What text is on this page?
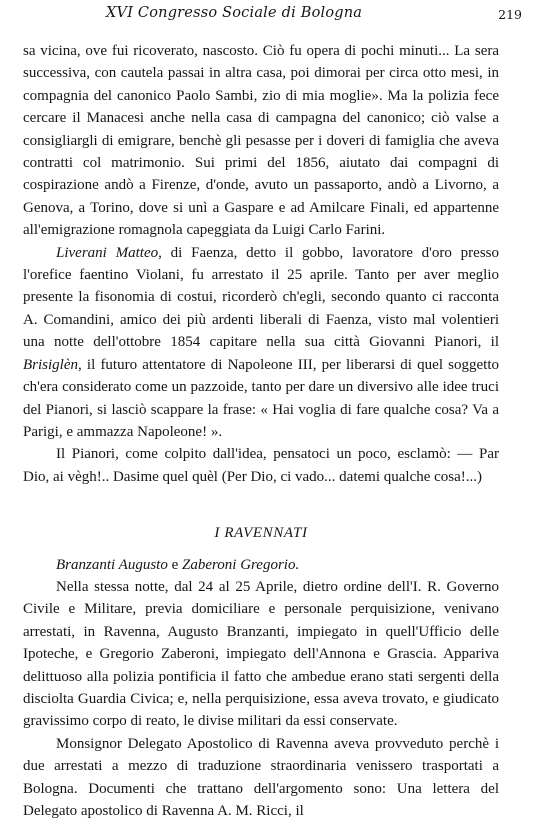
XVI Congresso Sociale di Bologna	219

sa vicina, ove fui ricoverato, nascosto. Ciò fu opera di pochi minuti... La sera successiva, con cautela passai in altra casa, poi dimorai per circa otto mesi, in compagnia del canonico Paolo Sambi, zio di mia moglie». Ma la polizia fece cercare il Manacesi anche nella casa di campagna del canonico; ciò valse a consigliargli di emigrare, benchè gli pesasse per i doveri di famiglia che aveva contratti col matrimonio. Sui primi del 1856, aiutato dai compagni di cospirazione andò a Firenze, d'onde, avuto un passaporto, andò a Livorno, a Genova, a Torino, dove si unì a Gaspare e ad Amilcare Finali, ed appartenne all'emigrazione romagnola capeggiata da Luigi Carlo Farini.

Liverani Matteo, di Faenza, detto il gobbo, lavoratore d'oro presso l'orefice faentino Violani, fu arrestato il 25 aprile. Tanto per aver meglio presente la fisonomia di costui, ricorderò ch'egli, secondo quanto ci racconta A. Comandini, amico dei più ardenti liberali di Faenza, visto mal volentieri una notte dell'ottobre 1854 capitare nella sua città Giovanni Pianori, il Brisiglèn, il futuro attentatore di Napoleone III, per liberarsi di quel soggetto ch'era considerato come un pazzoide, tanto per dare un diversivo alle idee truci del Pianori, si lasciò scappare la frase: « Hai voglia di fare qualche cosa? Va a Parigi, e ammazza Napoleone! ».

Il Pianori, come colpito dall'idea, pensatoci un poco, esclamò: — Par Dio, ai vègh!.. Dasime quel quèl (Per Dio, ci vado... datemi qualche cosa!...)

I RAVENNATI

Branzanti Augusto e Zaberoni Gregorio.

Nella stessa notte, dal 24 al 25 Aprile, dietro ordine dell'I. R. Governo Civile e Militare, previa domiciliare e personale perquisizione, venivano arrestati, in Ravenna, Augusto Branzanti, impiegato in quell'Ufficio delle Ipoteche, e Gregorio Zaberoni, impiegato dell'Annona e Grascia. Appariva delittuoso alla polizia pontificia il fatto che ambedue erano stati sergenti della disciolta Guardia Civica; e, nella perquisizione, essa aveva trovato, e giudicato gravissimo corpo di reato, le divise militari da essi conservate.

Monsignor Delegato Apostolico di Ravenna aveva provveduto perchè i due arrestati a mezzo di traduzione straordinaria venissero trasportati a Bologna. Documenti che trattano dell'argomento sono: Una lettera del Delegato apostolico di Ravenna A. M. Ricci, il
